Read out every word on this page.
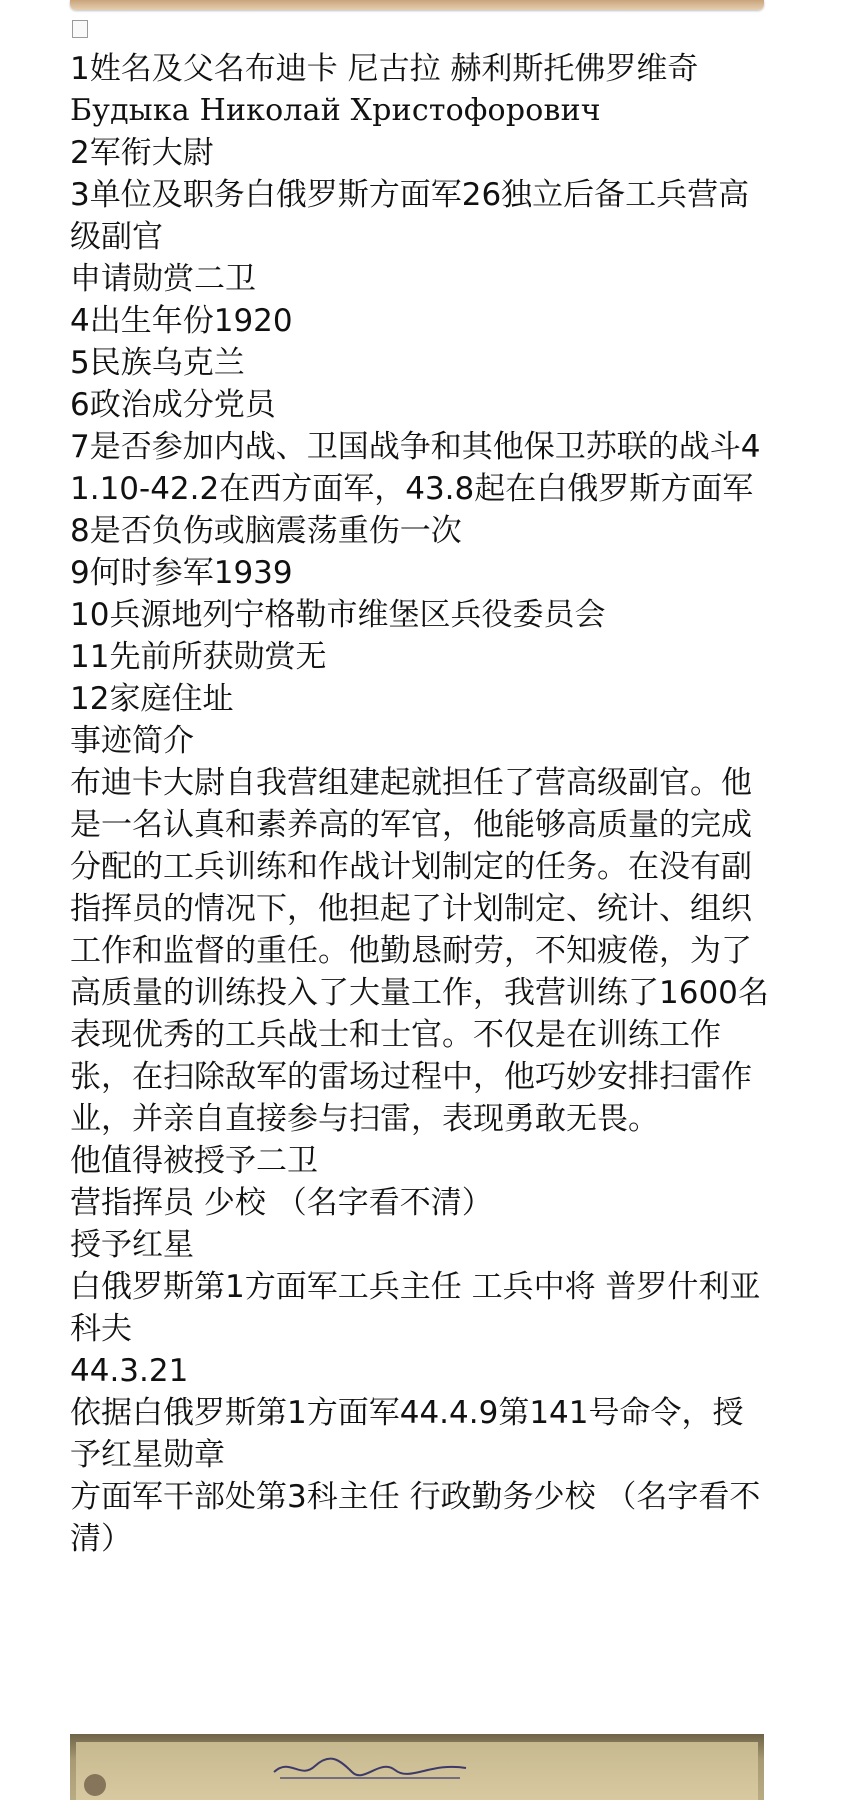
1姓名及父名布迪卡 尼古拉 赫利斯托佛罗维奇

Будыка Николай Христофорович

2军衔大尉

3单位及职务白俄罗斯方面军26独立后备工兵营高级副官

申请勋赏二卫

4出生年份1920

5民族乌克兰

6政治成分党员

7是否参加内战、卫国战争和其他保卫苏联的战斗41.10-42.2在西方面军，43.8起在白俄罗斯方面军

8是否负伤或脑震荡重伤一次

9何时参军1939

10兵源地列宁格勒市维堡区兵役委员会

11先前所获勋赏无

12家庭住址

事迹简介

布迪卡大尉自我营组建起就担任了营高级副官。他是一名认真和素养高的军官，他能够高质量的完成分配的工兵训练和作战计划制定的任务。在没有副指挥员的情况下，他担起了计划制定、统计、组织工作和监督的重任。他勤恳耐劳，不知疲倦，为了高质量的训练投入了大量工作，我营训练了1600名表现优秀的工兵战士和士官。不仅是在训练工作张，在扫除敌军的雷场过程中，他巧妙安排扫雷作业，并亲自直接参与扫雷，表现勇敢无畏。

他值得被授予二卫

营指挥员 少校 （名字看不清）

授予红星

白俄罗斯第1方面军工兵主任 工兵中将 普罗什利亚科夫

44.3.21

依据白俄罗斯第1方面军44.4.9第141号命令，授予红星勋章

方面军干部处第3科主任 行政勤务少校 （名字看不清）
